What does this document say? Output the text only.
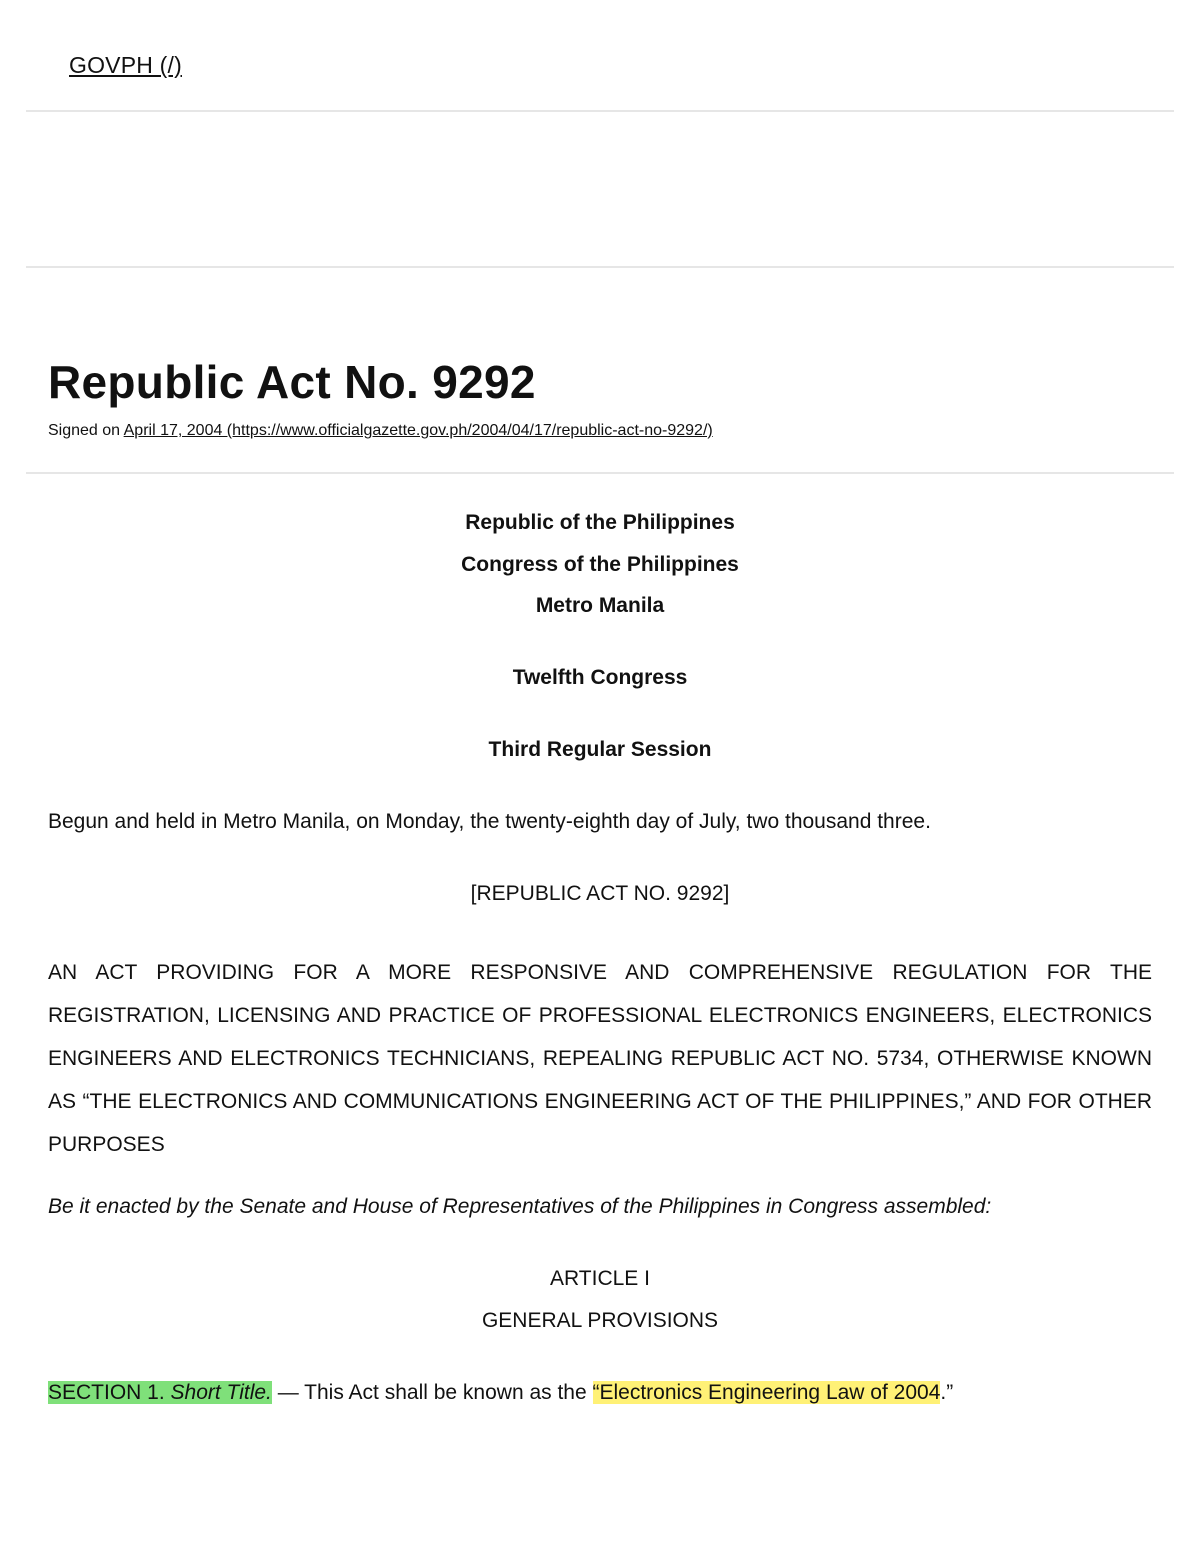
GOVPH (/)
Republic Act No. 9292
Signed on April 17, 2004 (https://www.officialgazette.gov.ph/2004/04/17/republic-act-no-9292/)

Republic of the Philippines

Congress of the Philippines

Metro Manila

Twelfth Congress

Third Regular Session

Begun and held in Metro Manila, on Monday, the twenty-eighth day of July, two thousand three.

[REPUBLIC ACT NO. 9292]

AN ACT PROVIDING FOR A MORE RESPONSIVE AND COMPREHENSIVE REGULATION FOR THE REGISTRATION, LICENSING AND PRACTICE OF PROFESSIONAL ELECTRONICS ENGINEERS, ELECTRONICS ENGINEERS AND ELECTRONICS TECHNICIANS, REPEALING REPUBLIC ACT NO. 5734, OTHERWISE KNOWN AS “THE ELECTRONICS AND COMMUNICATIONS ENGINEERING ACT OF THE PHILIPPINES,” AND FOR OTHER PURPOSES

Be it enacted by the Senate and House of Representatives of the Philippines in Congress assembled:

ARTICLE I

GENERAL PROVISIONS

SECTION 1. Short Title. — This Act shall be known as the “Electronics Engineering Law of 2004.”
